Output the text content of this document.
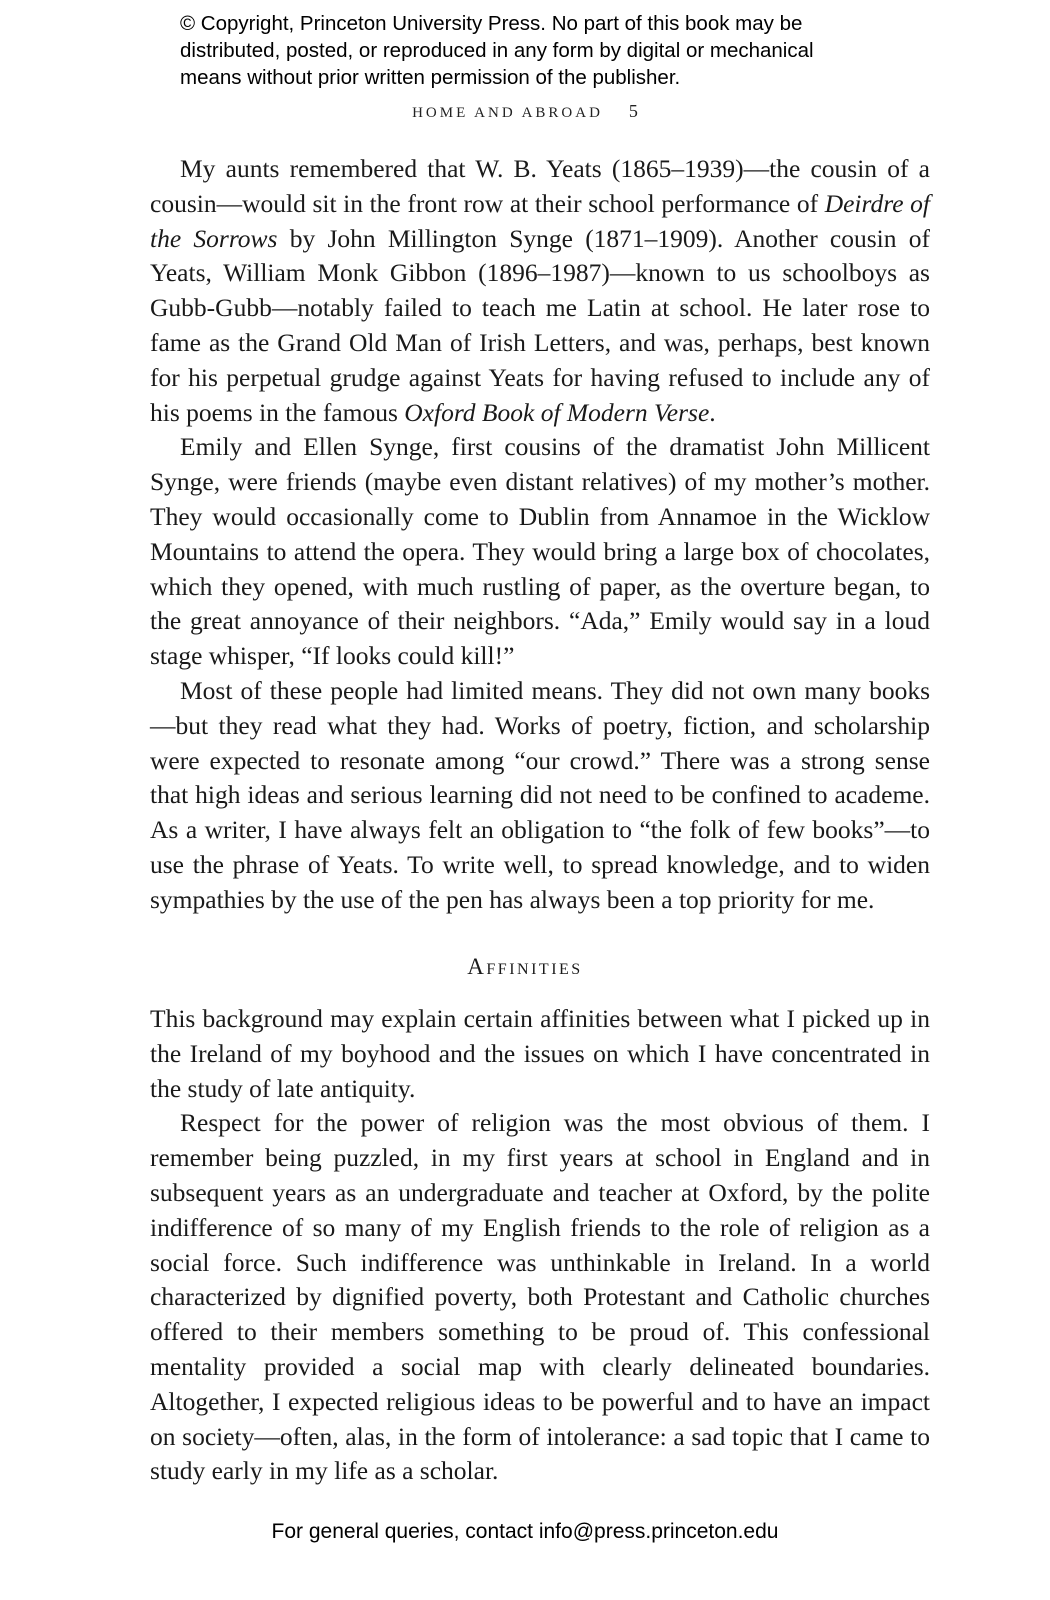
© Copyright, Princeton University Press. No part of this book may be
distributed, posted, or reproduced in any form by digital or mechanical
means without prior written permission of the publisher.
HOME AND ABROAD 5

My aunts remembered that W. B. Yeats (1865–1939)—the cousin of a cousin—would sit in the front row at their school performance of Deirdre of the Sorrows by John Millington Synge (1871–1909). Another cousin of Yeats, William Monk Gibbon (1896–1987)—known to us schoolboys as Gubb-Gubb—notably failed to teach me Latin at school. He later rose to fame as the Grand Old Man of Irish Letters, and was, perhaps, best known for his perpetual grudge against Yeats for having refused to include any of his poems in the famous Oxford Book of Modern Verse.

Emily and Ellen Synge, first cousins of the dramatist John Millicent Synge, were friends (maybe even distant relatives) of my mother’s mother. They would occasionally come to Dublin from Annamoe in the Wicklow Mountains to attend the opera. They would bring a large box of chocolates, which they opened, with much rustling of paper, as the overture began, to the great annoyance of their neighbors. “Ada,” Emily would say in a loud stage whisper, “If looks could kill!”

Most of these people had limited means. They did not own many books—but they read what they had. Works of poetry, fiction, and scholarship were expected to resonate among “our crowd.” There was a strong sense that high ideas and serious learning did not need to be confined to academe. As a writer, I have always felt an obligation to “the folk of few books”—to use the phrase of Yeats. To write well, to spread knowledge, and to widen sympathies by the use of the pen has always been a top priority for me.

Affinities

This background may explain certain affinities between what I picked up in the Ireland of my boyhood and the issues on which I have concentrated in the study of late antiquity.

Respect for the power of religion was the most obvious of them. I remember being puzzled, in my first years at school in England and in subsequent years as an undergraduate and teacher at Oxford, by the polite indifference of so many of my English friends to the role of religion as a social force. Such indifference was unthinkable in Ireland. In a world characterized by dignified poverty, both Protestant and Catholic churches offered to their members something to be proud of. This confessional mentality provided a social map with clearly delineated boundaries. Altogether, I expected religious ideas to be powerful and to have an impact on society—often, alas, in the form of intolerance: a sad topic that I came to study early in my life as a scholar.

For general queries, contact info@press.princeton.edu
